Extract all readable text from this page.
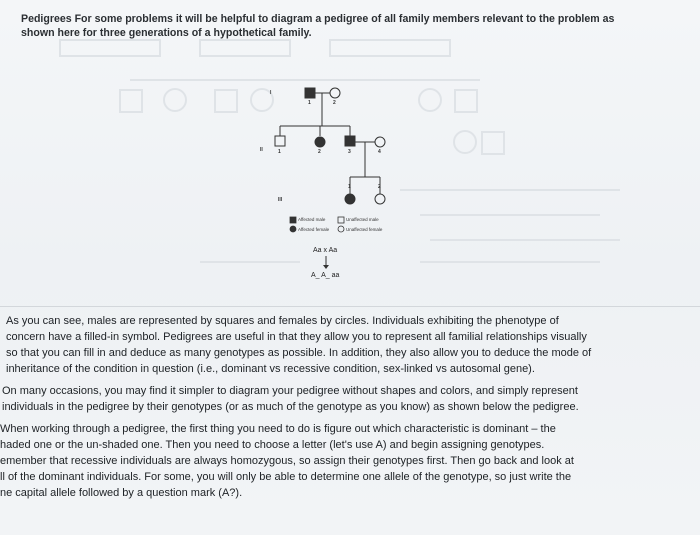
Pedigrees For some problems it will be helpful to diagram a pedigree of all family members relevant to the problem as
shown here for three generations of a hypothetical family.
I
II
III
1	2
1	2	3	4
1	2
Affected male
Affected female
Unaffected male
Unaffected female
Aa x Aa
A_ A_ aa

As you can see, males are represented by squares and females by circles. Individuals exhibiting the phenotype of
concern have a filled-in symbol. Pedigrees are useful in that they allow you to represent all familial relationships visually
so that you can fill in and deduce as many genotypes as possible. In addition, they also allow you to deduce the mode of
inheritance of the condition in question (i.e., dominant vs recessive condition, sex-linked vs autosomal gene).

On many occasions, you may find it simpler to diagram your pedigree without shapes and colors, and simply represent
individuals in the pedigree by their genotypes (or as much of the genotype as you know) as shown below the pedigree.

When working through a pedigree, the first thing you need to do is figure out which characteristic is dominant – the
haded one or the un-shaded one. Then you need to choose a letter (let's use A) and begin assigning genotypes.
emember that recessive individuals are always homozygous, so assign their genotypes first. Then go back and look at
ll of the dominant individuals. For some, you will only be able to determine one allele of the genotype, so just write the
ne capital allele followed by a question mark (A?).
